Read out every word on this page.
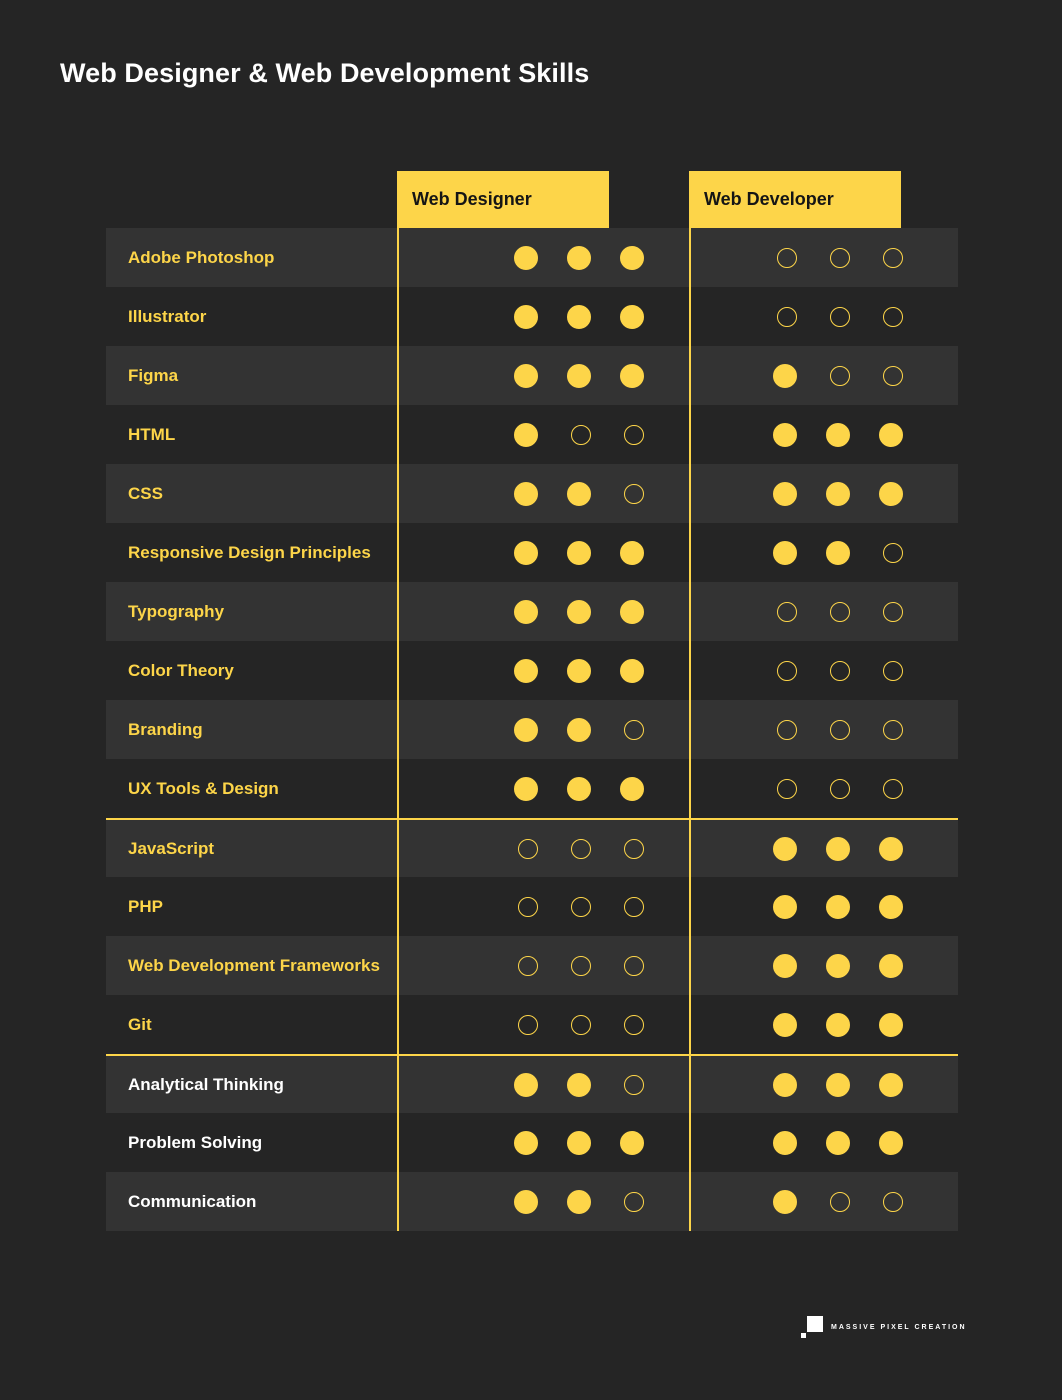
Web Designer & Web Development Skills
Web Designer	Web Developer
Adobe Photoshop
Illustrator
Figma
HTML
CSS
Responsive Design Principles
Typography
Color Theory
Branding
UX Tools & Design
JavaScript
PHP
Web Development Frameworks
Git
Analytical Thinking
Problem Solving
Communication
MASSIVE PIXEL CREATION
